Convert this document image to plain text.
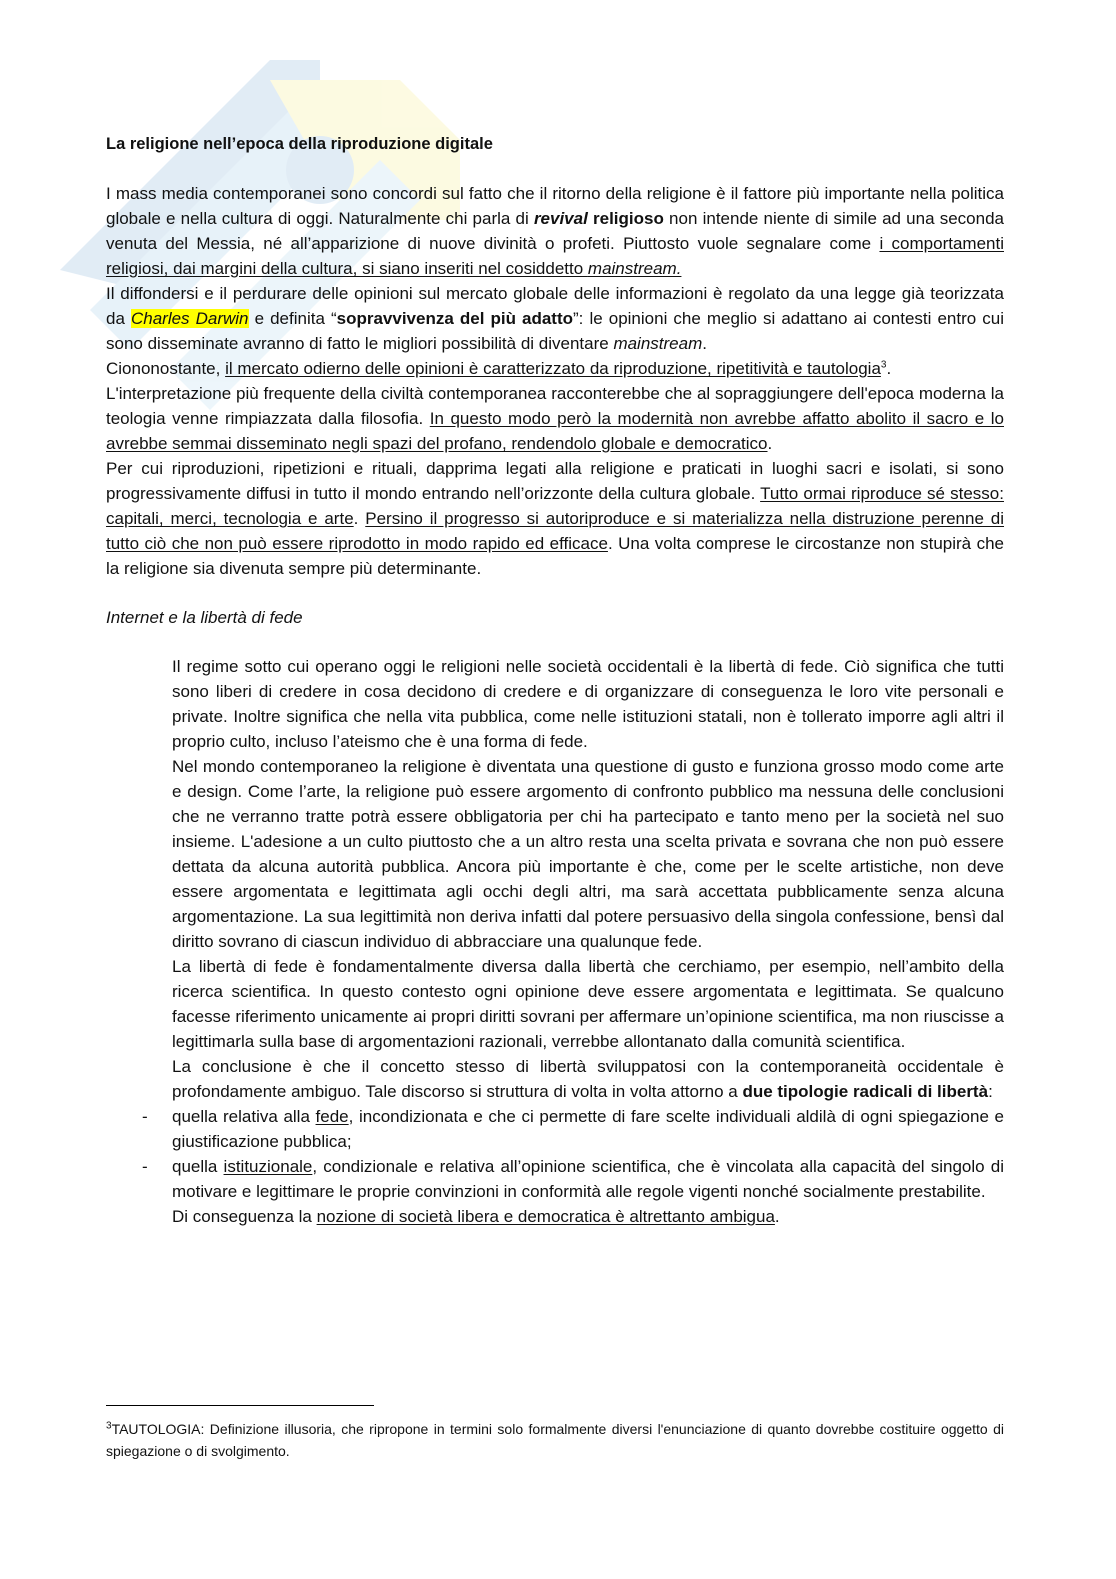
La religione nell’epoca della riproduzione digitale

I mass media contemporanei sono concordi sul fatto che il ritorno della religione è il fattore più importante nella politica globale e nella cultura di oggi. Naturalmente chi parla di revival religioso non intende niente di simile ad una seconda venuta del Messia, né all’apparizione di nuove divinità o profeti. Piuttosto vuole segnalare come i comportamenti religiosi, dai margini della cultura, si siano inseriti nel cosiddetto mainstream.

Il diffondersi e il perdurare delle opinioni sul mercato globale delle informazioni è regolato da una legge già teorizzata da Charles Darwin e definita “sopravvivenza del più adatto”: le opinioni che meglio si adattano ai contesti entro cui sono disseminate avranno di fatto le migliori possibilità di diventare mainstream.

Ciononostante, il mercato odierno delle opinioni è caratterizzato da riproduzione, ripetitività e tautologia$^3$.

L'interpretazione più frequente della civiltà contemporanea racconterebbe che al sopraggiungere dell'epoca moderna la teologia venne rimpiazzata dalla filosofia. In questo modo però la modernità non avrebbe affatto abolito il sacro e lo avrebbe semmai disseminato negli spazi del profano, rendendolo globale e democratico.

Per cui riproduzioni, ripetizioni e rituali, dapprima legati alla religione e praticati in luoghi sacri e isolati, si sono progressivamente diffusi in tutto il mondo entrando nell’orizzonte della cultura globale. Tutto ormai riproduce sé stesso: capitali, merci, tecnologia e arte. Persino il progresso si autoriproduce e si materializza nella distruzione perenne di tutto ciò che non può essere riprodotto in modo rapido ed efficace. Una volta comprese le circostanze non stupirà che la religione sia divenuta sempre più determinante.

Internet e la libertà di fede

Il regime sotto cui operano oggi le religioni nelle società occidentali è la libertà di fede. Ciò significa che tutti sono liberi di credere in cosa decidono di credere e di organizzare di conseguenza le loro vite personali e private. Inoltre significa che nella vita pubblica, come nelle istituzioni statali, non è tollerato imporre agli altri il proprio culto, incluso l’ateismo che è una forma di fede.

Nel mondo contemporaneo la religione è diventata una questione di gusto e funziona grosso modo come arte e design. Come l’arte, la religione può essere argomento di confronto pubblico ma nessuna delle conclusioni che ne verranno tratte potrà essere obbligatoria per chi ha partecipato e tanto meno per la società nel suo insieme. L'adesione a un culto piuttosto che a un altro resta una scelta privata e sovrana che non può essere dettata da alcuna autorità pubblica. Ancora più importante è che, come per le scelte artistiche, non deve essere argomentata e legittimata agli occhi degli altri, ma sarà accettata pubblicamente senza alcuna argomentazione. La sua legittimità non deriva infatti dal potere persuasivo della singola confessione, bensì dal diritto sovrano di ciascun individuo di abbracciare una qualunque fede.

La libertà di fede è fondamentalmente diversa dalla libertà che cerchiamo, per esempio, nell’ambito della ricerca scientifica. In questo contesto ogni opinione deve essere argomentata e legittimata. Se qualcuno facesse riferimento unicamente ai propri diritti sovrani per affermare un’opinione scientifica, ma non riuscisse a legittimarla sulla base di argomentazioni razionali, verrebbe allontanato dalla comunità scientifica.

La conclusione è che il concetto stesso di libertà sviluppatosi con la contemporaneità occidentale è profondamente ambiguo. Tale discorso si struttura di volta in volta attorno a due tipologie radicali di libertà:

- quella relativa alla fede, incondizionata e che ci permette di fare scelte individuali aldilà di ogni spiegazione e giustificazione pubblica;
- quella istituzionale, condizionale e relativa all’opinione scientifica, che è vincolata alla capacità del singolo di motivare e legittimare le proprie convinzioni in conformità alle regole vigenti nonché socialmente prestabilite.

Di conseguenza la nozione di società libera e democratica è altrettanto ambigua.

$^3$TAUTOLOGIA: Definizione illusoria, che ripropone in termini solo formalmente diversi l'enunciazione di quanto dovrebbe costituire oggetto di spiegazione o di svolgimento.
